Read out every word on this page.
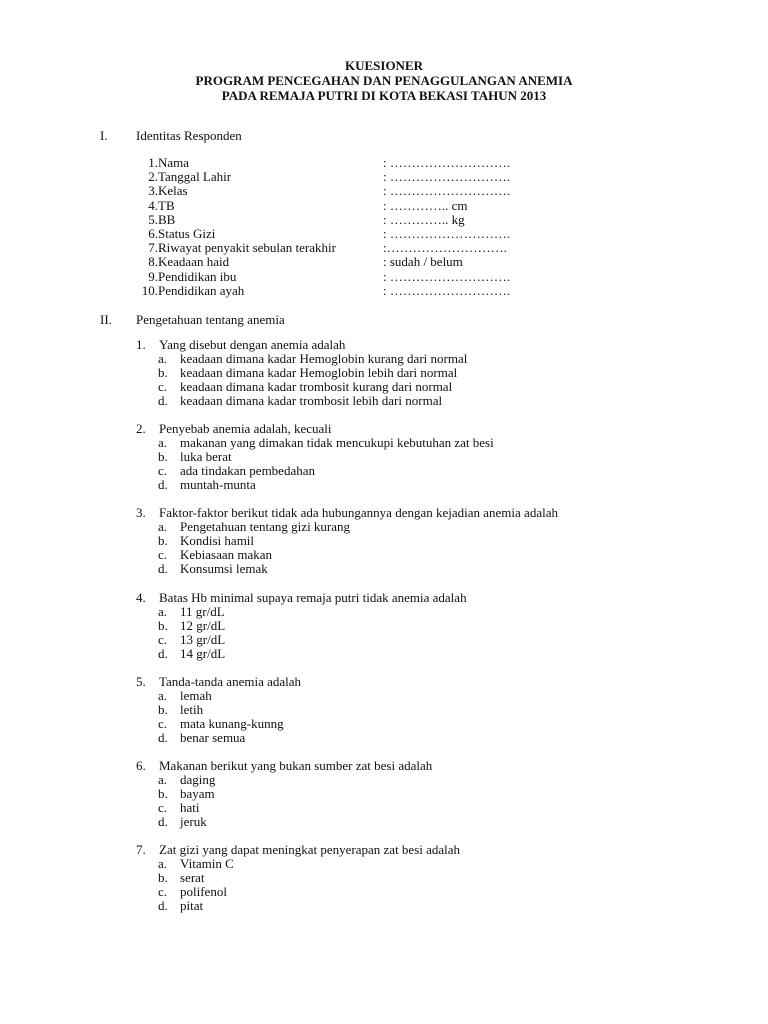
KUESIONER
PROGRAM PENCEGAHAN DAN PENAGGULANGAN ANEMIA
PADA REMAJA PUTRI DI KOTA BEKASI TAHUN 2013
I. Identitas Responden
1. Nama	: ……………………….
2. Tanggal Lahir	: ……………………….
3. Kelas	: ……………………….
4. TB	: ………….. cm
5. BB	: ………….. kg
6. Status Gizi	: ……………………….
7. Riwayat penyakit sebulan terakhir	:……………………….
8. Keadaan haid	: sudah / belum
9. Pendidikan ibu	: ……………………….
10. Pendidikan ayah	: ……………………….
II. Pengetahuan tentang anemia
1. Yang disebut dengan anemia adalah
a. keadaan dimana kadar Hemoglobin kurang dari normal
b. keadaan dimana kadar Hemoglobin lebih dari normal
c. keadaan dimana kadar trombosit kurang dari normal
d. keadaan dimana kadar trombosit lebih dari normal
2. Penyebab anemia adalah, kecuali
a. makanan yang dimakan tidak mencukupi kebutuhan zat besi
b. luka berat
c. ada tindakan pembedahan
d. muntah-munta
3. Faktor-faktor berikut tidak ada hubungannya dengan kejadian anemia adalah
a. Pengetahuan tentang gizi kurang
b. Kondisi hamil
c. Kebiasaan makan
d. Konsumsi lemak
4. Batas Hb minimal supaya remaja putri tidak anemia adalah
a. 11 gr/dL
b. 12 gr/dL
c. 13 gr/dL
d. 14 gr/dL
5. Tanda-tanda anemia adalah
a. lemah
b. letih
c. mata kunang-kunng
d. benar semua
6. Makanan berikut yang bukan sumber zat besi adalah
a. daging
b. bayam
c. hati
d. jeruk
7. Zat gizi yang dapat meningkat penyerapan zat besi adalah
a. Vitamin C
b. serat
c. polifenol
d. pitat
